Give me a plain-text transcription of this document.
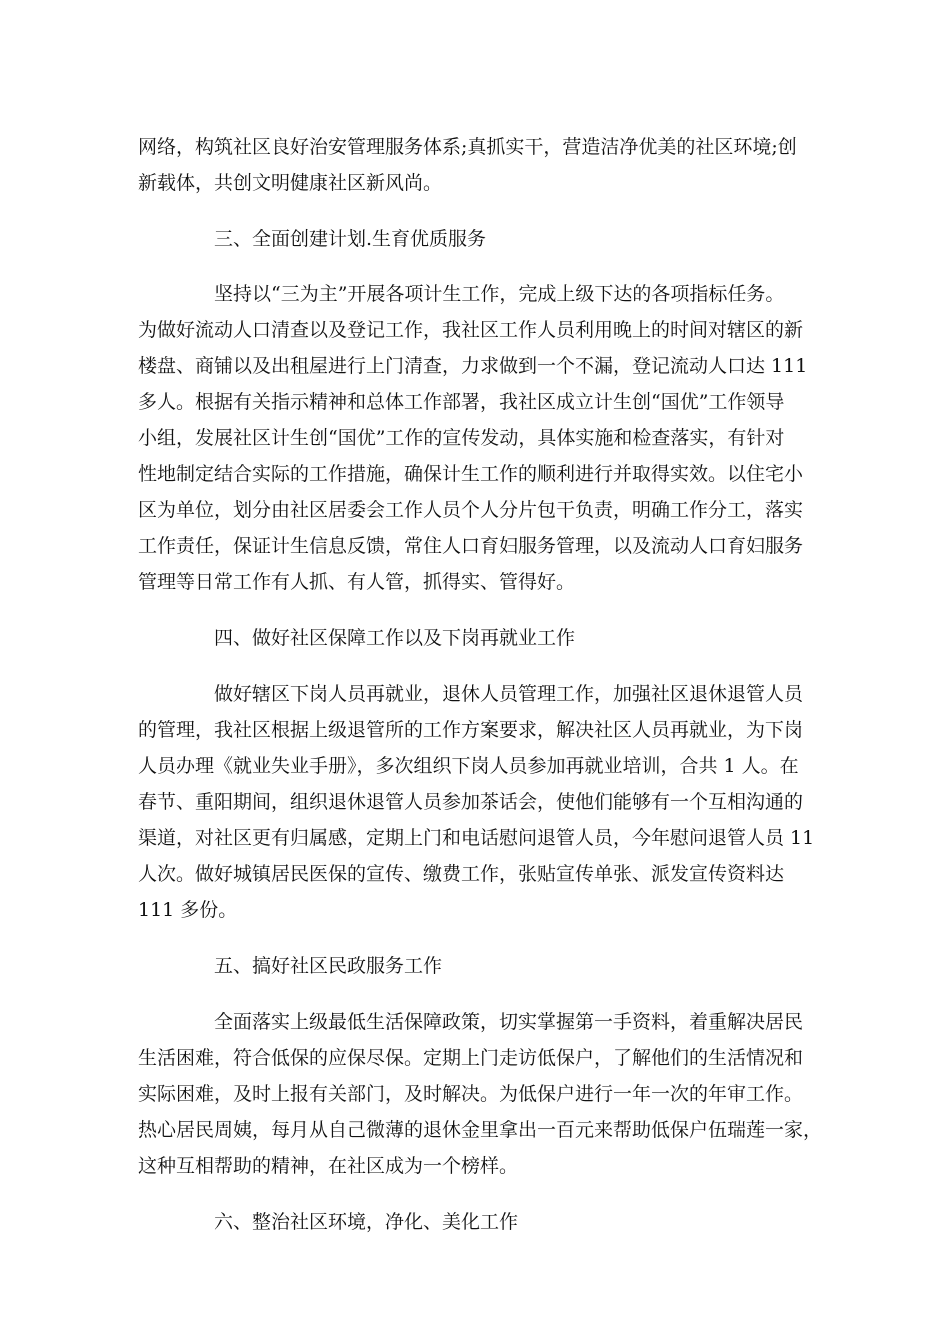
网络，构筑社区良好治安管理服务体系;真抓实干，营造洁净优美的社区环境;创
新载体，共创文明健康社区新风尚。
三、全面创建计划.生育优质服务
坚持以“三为主”开展各项计生工作，完成上级下达的各项指标任务。
为做好流动人口清查以及登记工作，我社区工作人员利用晚上的时间对辖区的新
楼盘、商铺以及出租屋进行上门清查，力求做到一个不漏，登记流动人口达 111
多人。根据有关指示精神和总体工作部署，我社区成立计生创“国优”工作领导
小组，发展社区计生创“国优”工作的宣传发动，具体实施和检查落实，有针对
性地制定结合实际的工作措施，确保计生工作的顺利进行并取得实效。以住宅小
区为单位，划分由社区居委会工作人员个人分片包干负责，明确工作分工，落实
工作责任，保证计生信息反馈，常住人口育妇服务管理，以及流动人口育妇服务
管理等日常工作有人抓、有人管，抓得实、管得好。
四、做好社区保障工作以及下岗再就业工作
做好辖区下岗人员再就业，退休人员管理工作，加强社区退休退管人员
的管理，我社区根据上级退管所的工作方案要求，解决社区人员再就业，为下岗
人员办理《就业失业手册》，多次组织下岗人员参加再就业培训，合共 1 人。在
春节、重阳期间，组织退休退管人员参加茶话会，使他们能够有一个互相沟通的
渠道，对社区更有归属感，定期上门和电话慰问退管人员，今年慰问退管人员 11
人次。做好城镇居民医保的宣传、缴费工作，张贴宣传单张、派发宣传资料达
111 多份。
五、搞好社区民政服务工作
全面落实上级最低生活保障政策，切实掌握第一手资料，着重解决居民
生活困难，符合低保的应保尽保。定期上门走访低保户，了解他们的生活情况和
实际困难，及时上报有关部门，及时解决。为低保户进行一年一次的年审工作。
热心居民周姨，每月从自己微薄的退休金里拿出一百元来帮助低保户伍瑞莲一家，
这种互相帮助的精神，在社区成为一个榜样。
六、整治社区环境，净化、美化工作
